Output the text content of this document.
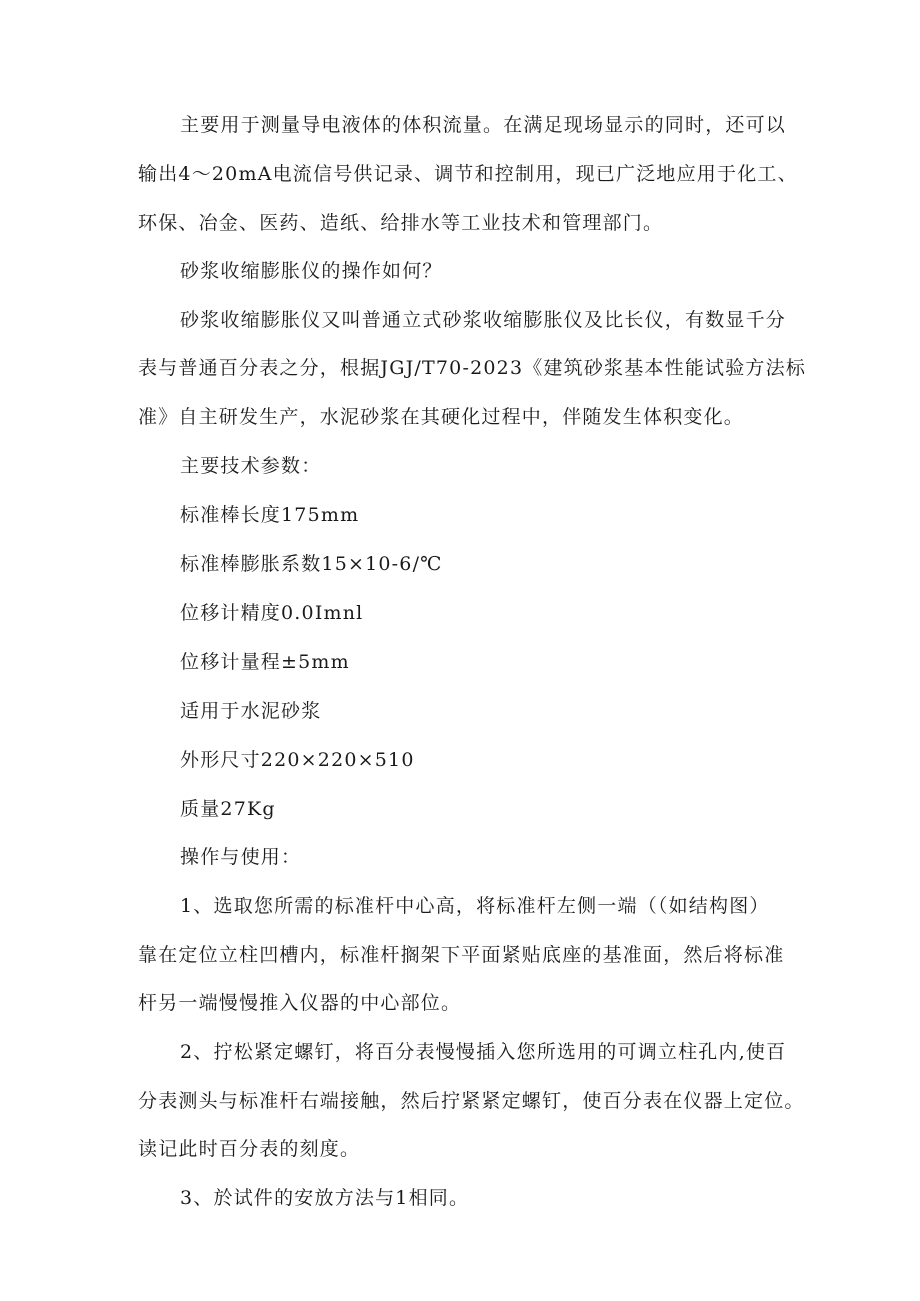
主要用于测量导电液体的体积流量。在满足现场显示的同时，还可以
输出4～20mA电流信号供记录、调节和控制用，现已广泛地应用于化工、
环保、冶金、医药、造纸、给排水等工业技术和管理部门。
砂浆收缩膨胀仪的操作如何？
砂浆收缩膨胀仪又叫普通立式砂浆收缩膨胀仪及比长仪，有数显千分
表与普通百分表之分，根据JGJ/T70-2023《建筑砂浆基本性能试验方法标
准》自主研发生产，水泥砂浆在其硬化过程中，伴随发生体积变化。
主要技术参数：
标准棒长度175mm
标准棒膨胀系数15×10-6/℃
位移计精度0.0Imnl
位移计量程±5mm
适用于水泥砂浆
外形尺寸220×220×510
质量27Kg
操作与使用：
1、选取您所需的标准杆中心高，将标准杆左侧一端（（如结构图）
靠在定位立柱凹槽内，标准杆搁架下平面紧贴底座的基准面，然后将标准
杆另一端慢慢推入仪器的中心部位。
2、拧松紧定螺钉，将百分表慢慢插入您所选用的可调立柱孔内,使百
分表测头与标准杆右端接触，然后拧紧紧定螺钉，使百分表在仪器上定位。
读记此时百分表的刻度。
3、於试件的安放方法与1相同。
